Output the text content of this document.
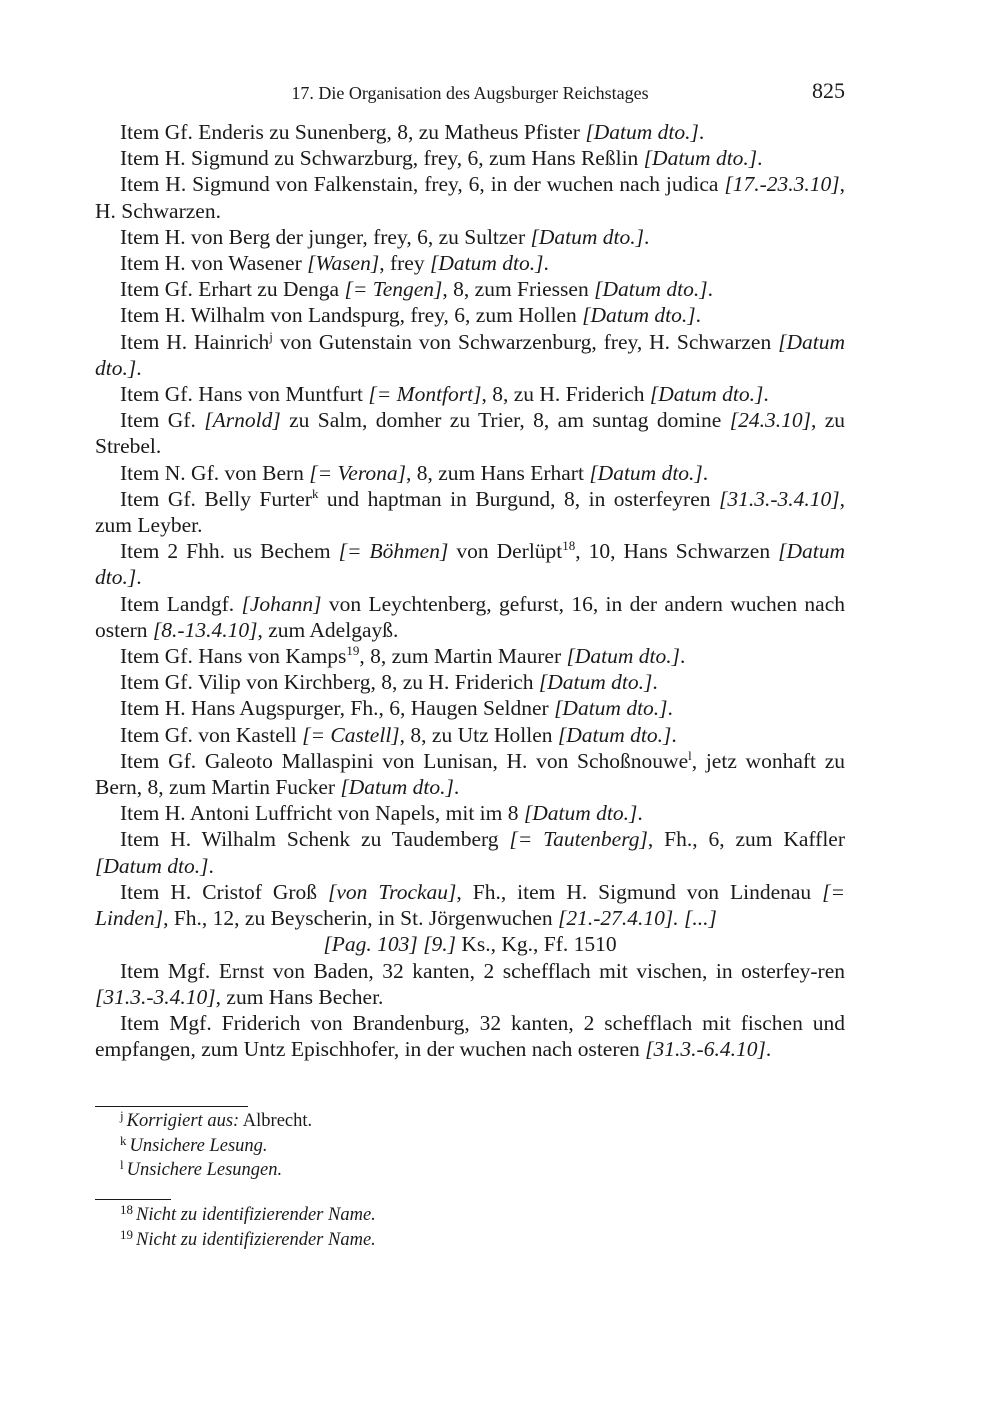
17. Die Organisation des Augsburger Reichstages	825

Item Gf. Enderis zu Sunenberg, 8, zu Matheus Pfister [Datum dto.].

Item H. Sigmund zu Schwarzburg, frey, 6, zum Hans Reßlin [Datum dto.].

Item H. Sigmund von Falkenstain, frey, 6, in der wuchen nach judica [17.-23.3.10], H. Schwarzen.

Item H. von Berg der junger, frey, 6, zu Sultzer [Datum dto.].

Item H. von Wasener [Wasen], frey [Datum dto.].

Item Gf. Erhart zu Denga [= Tengen], 8, zum Friessen [Datum dto.].

Item H. Wilhalm von Landspurg, frey, 6, zum Hollen [Datum dto.].

Item H. Hainrich$^j$ von Gutenstain von Schwarzenburg, frey, H. Schwarzen [Datum dto.].

Item Gf. Hans von Muntfurt [= Montfort], 8, zu H. Friderich [Datum dto.].

Item Gf. [Arnold] zu Salm, domher zu Trier, 8, am suntag domine [24.3.10], zu Strebel.

Item N. Gf. von Bern [= Verona], 8, zum Hans Erhart [Datum dto.].

Item Gf. Belly Furter$^k$ und haptman in Burgund, 8, in osterfeyren [31.3.-3.4.10], zum Leyber.

Item 2 Fhh. us Bechem [= Böhmen] von Derlüpt$^{18}$, 10, Hans Schwarzen [Datum dto.].

Item Landgf. [Johann] von Leychtenberg, gefurst, 16, in der andern wuchen nach ostern [8.-13.4.10], zum Adelgayß.

Item Gf. Hans von Kamps$^{19}$, 8, zum Martin Maurer [Datum dto.].

Item Gf. Vilip von Kirchberg, 8, zu H. Friderich [Datum dto.].

Item H. Hans Augspurger, Fh., 6, Haugen Seldner [Datum dto.].

Item Gf. von Kastell [= Castell], 8, zu Utz Hollen [Datum dto.].

Item Gf. Galeoto Mallaspini von Lunisan, H. von Schoßnouwe$^l$, jetz wonhaft zu Bern, 8, zum Martin Fucker [Datum dto.].

Item H. Antoni Luffricht von Napels, mit im 8 [Datum dto.].

Item H. Wilhalm Schenk zu Taudemberg [= Tautenberg], Fh., 6, zum Kaffler [Datum dto.].

Item H. Cristof Groß [von Trockau], Fh., item H. Sigmund von Lindenau [= Linden], Fh., 12, zu Beyscherin, in St. Jörgenwuchen [21.-27.4.10]. [...]

[Pag. 103] [9.] Ks., Kg., Ff. 1510

Item Mgf. Ernst von Baden, 32 kanten, 2 schefflach mit vischen, in osterfey-ren [31.3.-3.4.10], zum Hans Becher.

Item Mgf. Friderich von Brandenburg, 32 kanten, 2 schefflach mit fischen und empfangen, zum Untz Epischhofer, in der wuchen nach osteren [31.3.-6.4.10].

$^j$ Korrigiert aus: Albrecht.

$^k$ Unsichere Lesung.

$^l$ Unsichere Lesungen.

$^{18}$ Nicht zu identifizierender Name.

$^{19}$ Nicht zu identifizierender Name.
